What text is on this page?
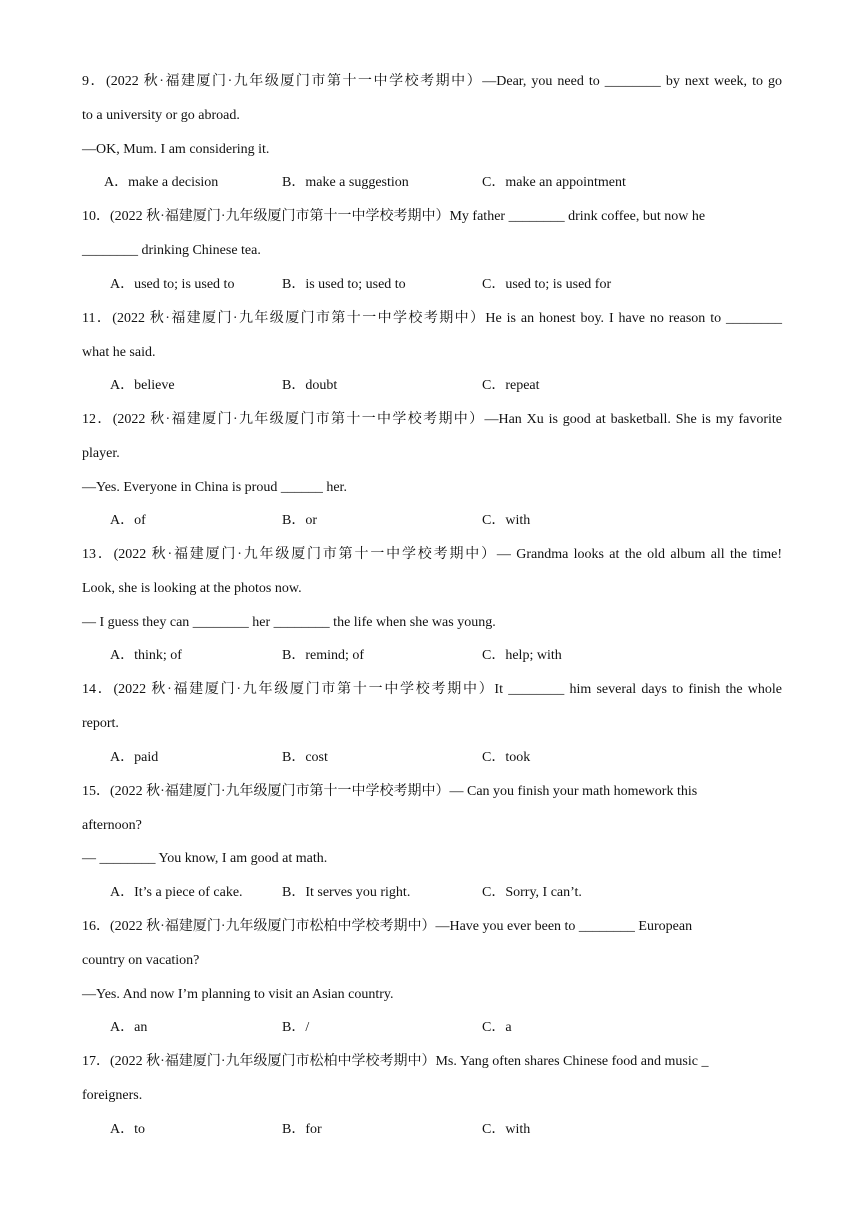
9．(2022 秋·福建厦门·九年级厦门市第十一中学校考期中）—Dear, you need to ________ by next week, to go
to a university or go abroad.
—OK, Mum. I am considering it.
A．make a decision	B．make a suggestion	C．make an appointment
10．(2022 秋·福建厦门·九年级厦门市第十一中学校考期中）My father ________ drink coffee, but now he
________ drinking Chinese tea.
A．used to; is used to	B．is used to; used to	C．used to; is used for
11．(2022 秋·福建厦门·九年级厦门市第十一中学校考期中）He is an honest boy. I have no reason to ________
what he said.
A．believe	B．doubt	C．repeat
12．(2022 秋·福建厦门·九年级厦门市第十一中学校考期中）—Han Xu is good at basketball. She is my favorite
player.
—Yes. Everyone in China is proud ______ her.
A．of	B．or	C．with
13．(2022 秋·福建厦门·九年级厦门市第十一中学校考期中）— Grandma looks at the old album all the time!
Look, she is looking at the photos now.
— I guess they can ________ her ________ the life when she was young.
A．think; of	B．remind; of	C．help; with
14．(2022 秋·福建厦门·九年级厦门市第十一中学校考期中）It ________ him several days to finish the whole
report.
A．paid	B．cost	C．took
15．(2022 秋·福建厦门·九年级厦门市第十一中学校考期中）— Can you finish your math homework this
afternoon?
— ________ You know, I am good at math.
A．It’s a piece of cake.	B．It serves you right.	C．Sorry, I can’t.
16．(2022 秋·福建厦门·九年级厦门市松柏中学校考期中）—Have you ever been to ________ European
country on vacation?
—Yes. And now I’m planning to visit an Asian country.
A．an	B．/	C．a
17．(2022 秋·福建厦门·九年级厦门市松柏中学校考期中）Ms. Yang often shares Chinese food and music _
foreigners.
A．to	B．for	C．with
